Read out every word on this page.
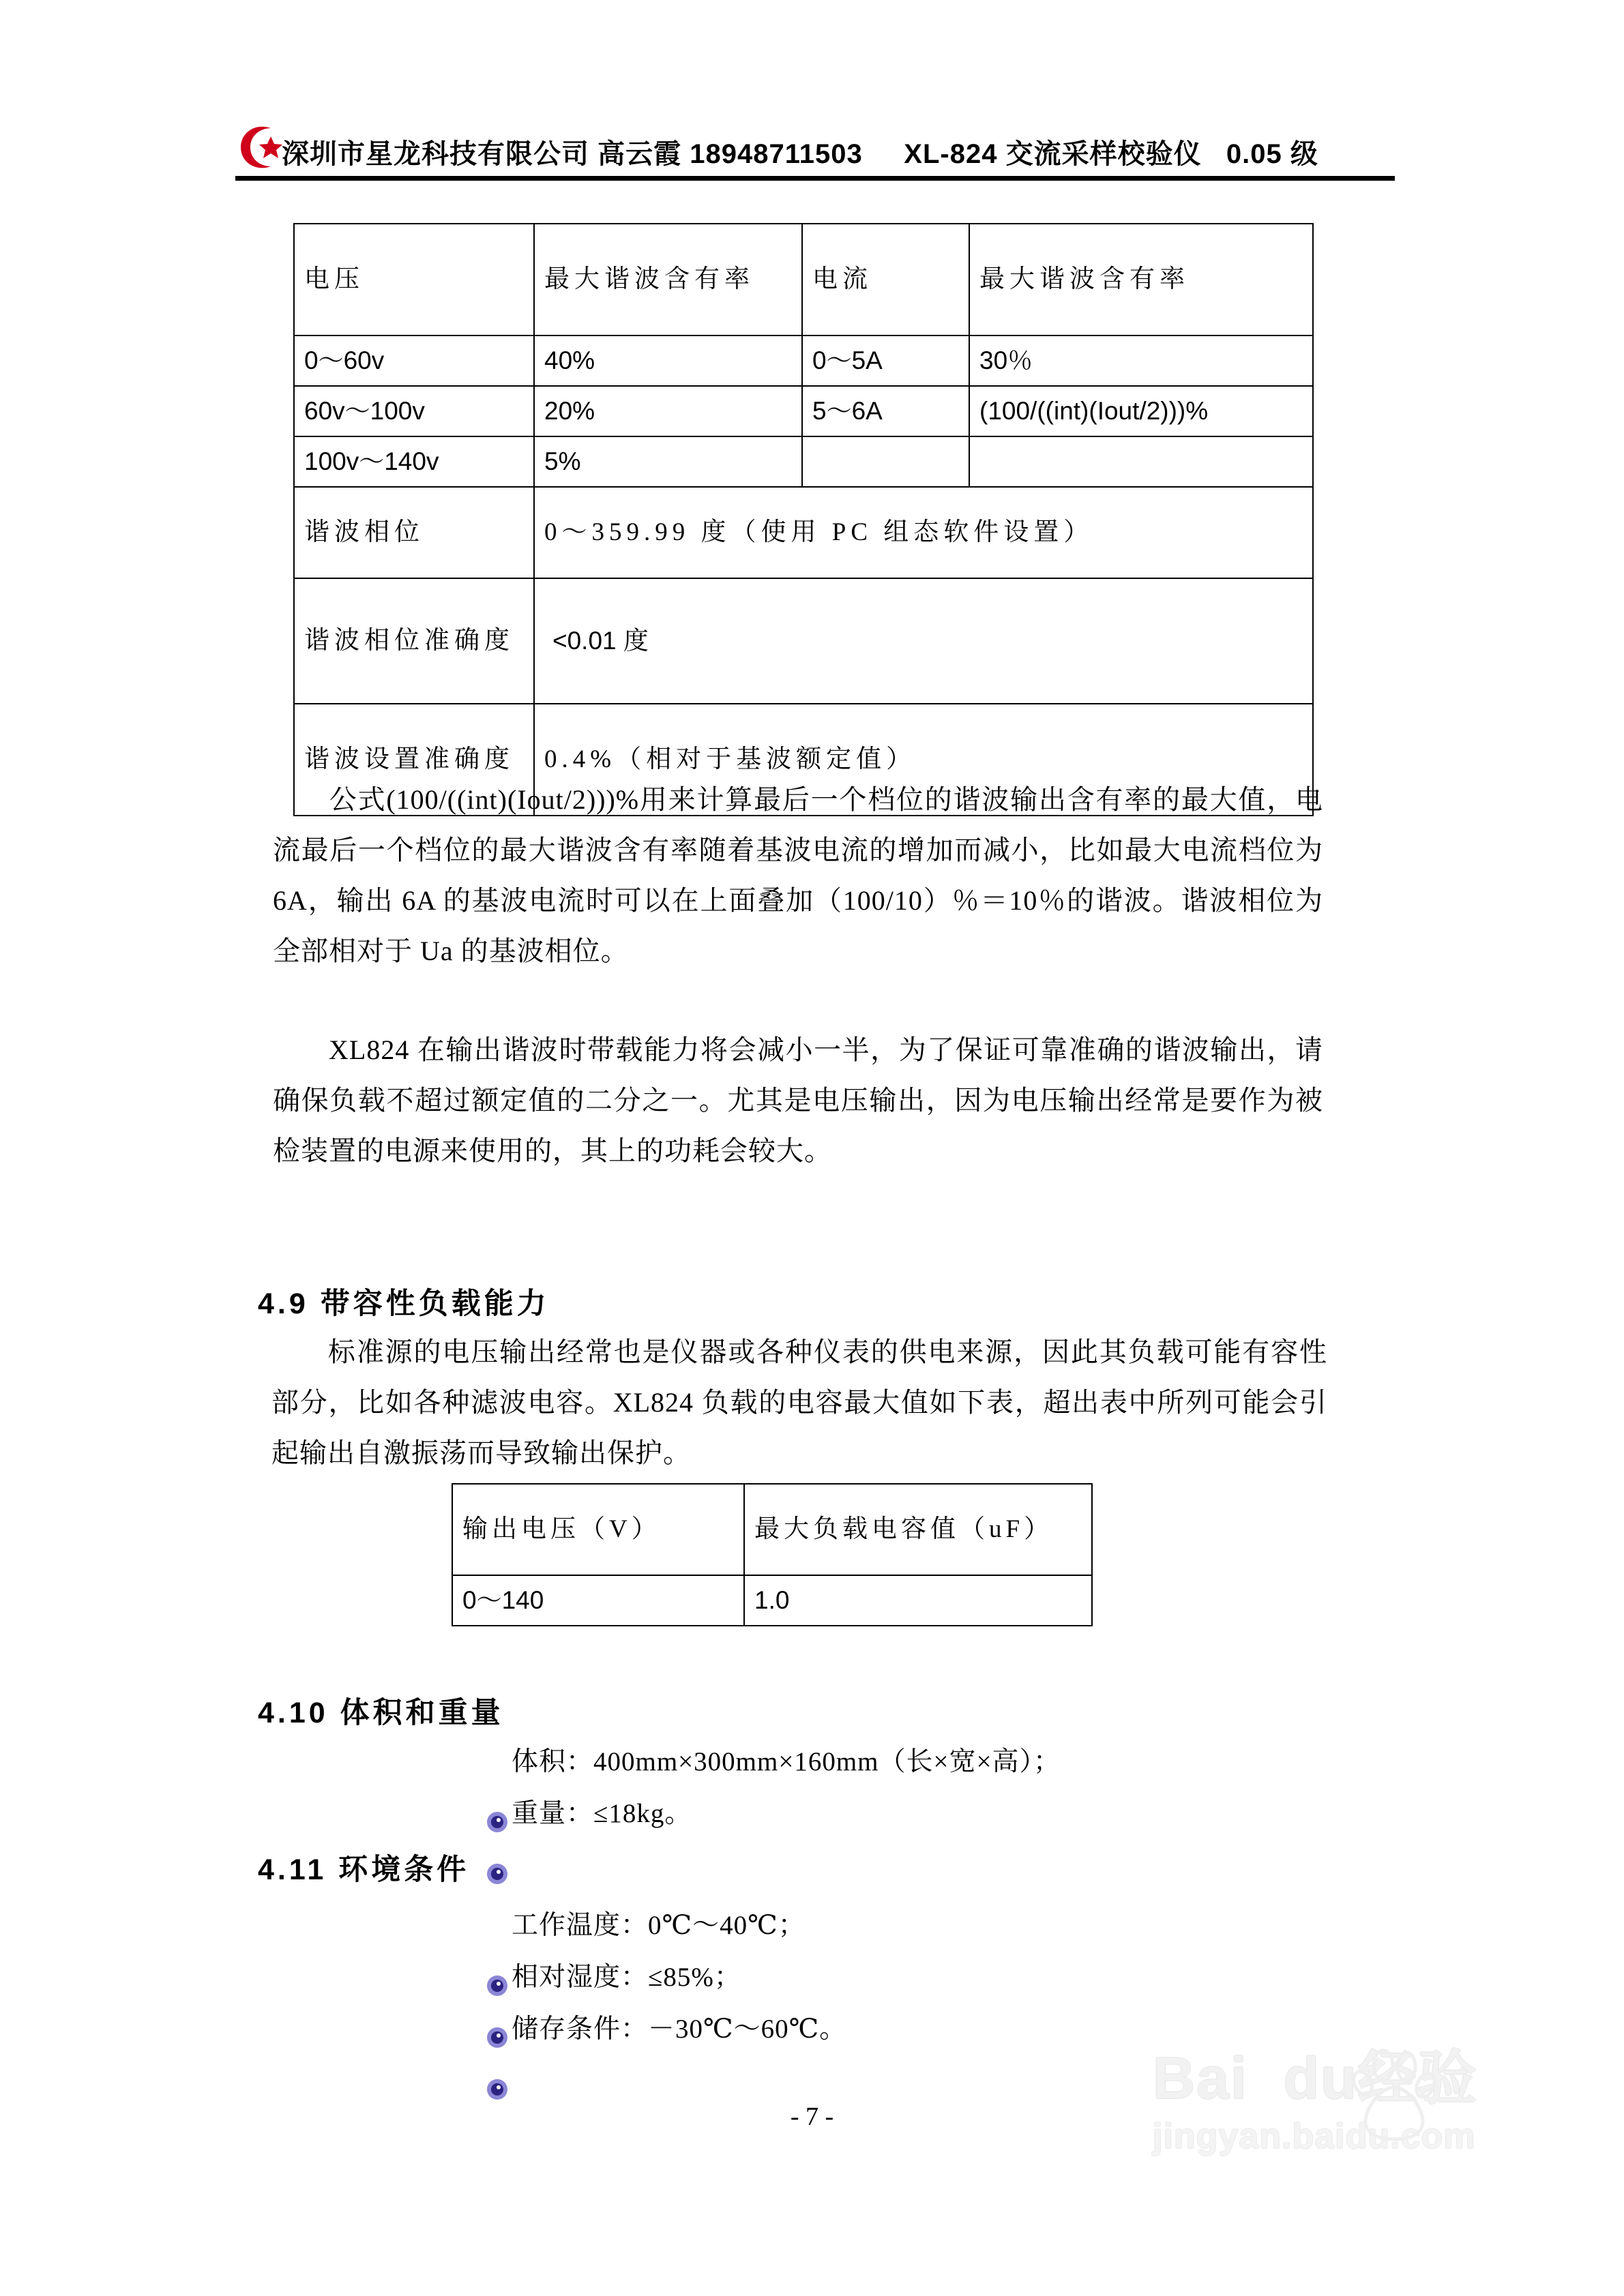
深圳市星龙科技有限公司 高云霞 18948711503     XL-824 交流采样校验仪   0.05 级
电压	最大谐波含有率	电流	最大谐波含有率
0～60v	40%	0～5A	30％
60v～100v	20%	5～6A	(100/((int)(Iout/2)))%
100v～140v	5%		
谐波相位	0～359.99 度（使用 PC 组态软件设置）		
谐波相位准确度	<0.01 度		
谐波设置准确度	0.4%（相对于基波额定值）		
公式(100/((int)(Iout/2)))%用来计算最后一个档位的谐波输出含有率的最大值，电流最后一个档位的最大谐波含有率随着基波电流的增加而减小，比如最大电流档位为 6A，输出 6A 的基波电流时可以在上面叠加（100/10）％＝10％的谐波。谐波相位为全部相对于 Ua 的基波相位。
XL824 在输出谐波时带载能力将会减小一半，为了保证可靠准确的谐波输出，请确保负载不超过额定值的二分之一。尤其是电压输出，因为电压输出经常是要作为被检装置的电源来使用的，其上的功耗会较大。
4.9 带容性负载能力
标准源的电压输出经常也是仪器或各种仪表的供电来源，因此其负载可能有容性部分，比如各种滤波电容。XL824 负载的电容最大值如下表，超出表中所列可能会引起输出自激振荡而导致输出保护。
输出电压（V）	最大负载电容值（uF）
0～140	1.0
4.10 体积和重量

体积：400mm×300mm×160mm（长×宽×高）；

重量：≤18kg。
4.11 环境条件

工作温度：0℃～40℃；

相对湿度：≤85%；

储存条件：－30℃～60℃。
- 7 -
Bai  du经验
jingyan.baidu.com
